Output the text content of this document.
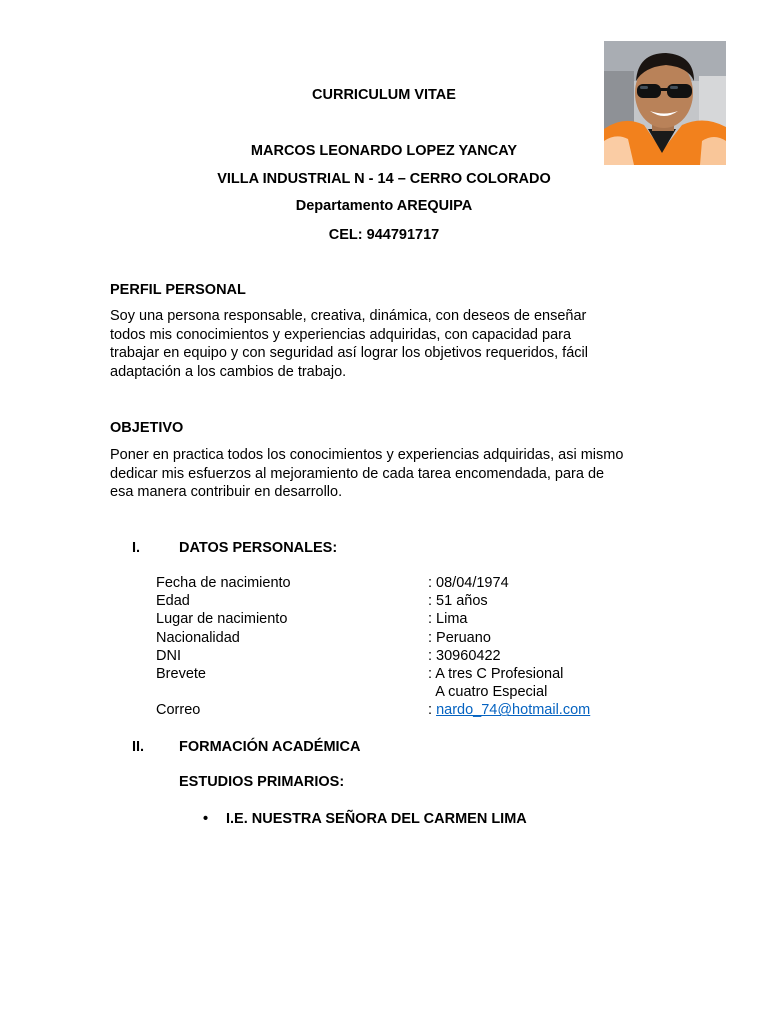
CURRICULUM VITAE
MARCOS LEONARDO LOPEZ YANCAY
VILLA INDUSTRIAL N - 14 – CERRO COLORADO
Departamento AREQUIPA
CEL: 944791717
PERFIL PERSONAL
Soy una persona responsable, creativa, dinámica, con deseos de enseñar
todos mis conocimientos y experiencias adquiridas, con capacidad para
trabajar en equipo y con seguridad así lograr los objetivos requeridos, fácil
adaptación a los cambios de trabajo.
OBJETIVO
Poner en practica todos los conocimientos y experiencias adquiridas, asi mismo
dedicar mis esfuerzos al mejoramiento de cada tarea encomendada, para de
esa manera contribuir en desarrollo.
I.	DATOS PERSONALES:
Fecha de nacimiento	: 08/04/1974
Edad	: 51 años
Lugar de nacimiento	: Lima
Nacionalidad	: Peruano
DNI	: 30960422
Brevete	: A tres C Profesional
A cuatro Especial
Correo	: nardo_74@hotmail.com
II. FORMACIÓN ACADÉMICA
ESTUDIOS PRIMARIOS:
• I.E. NUESTRA SEÑORA DEL CARMEN LIMA
